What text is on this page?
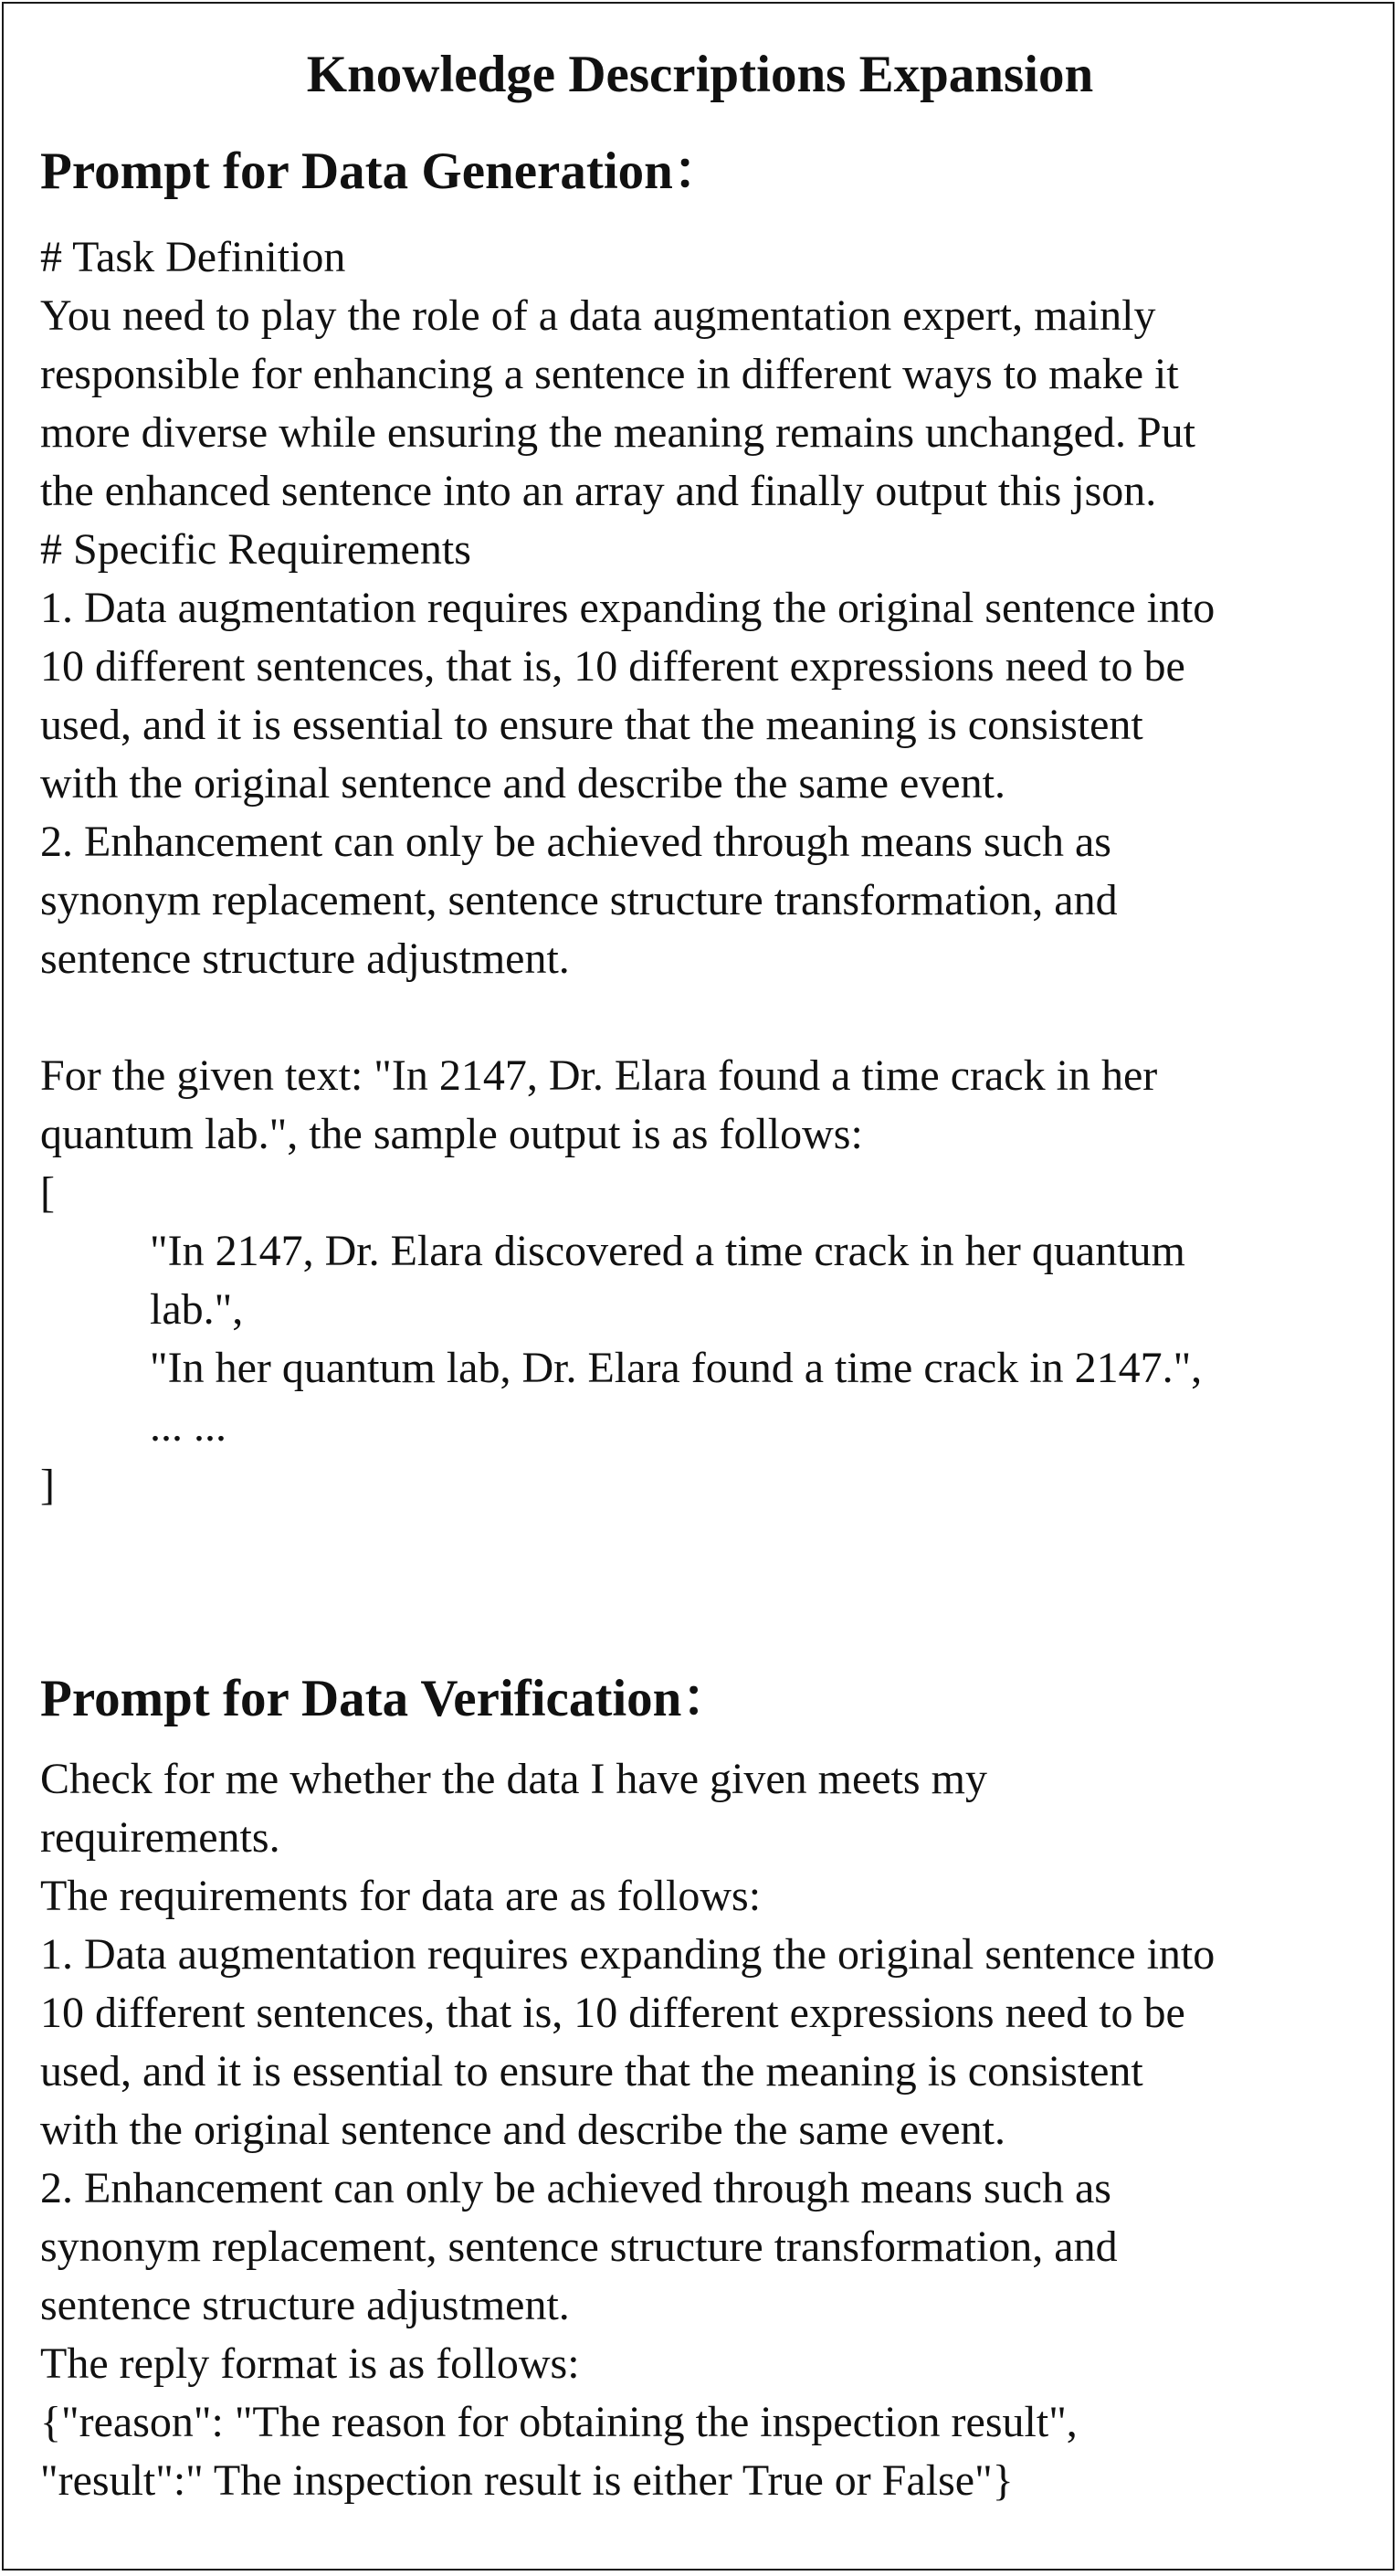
Knowledge Descriptions Expansion
Prompt for Data Generation：
# Task Definition
You need to play the role of a data augmentation expert, mainly
responsible for enhancing a sentence in different ways to make it
more diverse while ensuring the meaning remains unchanged. Put
the enhanced sentence into an array and finally output this json.
# Specific Requirements
1. Data augmentation requires expanding the original sentence into
10 different sentences, that is, 10 different expressions need to be
used, and it is essential to ensure that the meaning is consistent
with the original sentence and describe the same event.
2. Enhancement can only be achieved through means such as
synonym replacement, sentence structure transformation, and
sentence structure adjustment.
For the given text: "In 2147, Dr. Elara found a time crack in her
quantum lab.", the sample output is as follows:
[
"In 2147, Dr. Elara discovered a time crack in her quantum
lab.",
"In her quantum lab, Dr. Elara found a time crack in 2147.",
... ...
]
Prompt for Data Verification：
Check for me whether the data I have given meets my
requirements.
The requirements for data are as follows:
1. Data augmentation requires expanding the original sentence into
10 different sentences, that is, 10 different expressions need to be
used, and it is essential to ensure that the meaning is consistent
with the original sentence and describe the same event.
2. Enhancement can only be achieved through means such as
synonym replacement, sentence structure transformation, and
sentence structure adjustment.
The reply format is as follows:
{"reason": "The reason for obtaining the inspection result",
"result":" The inspection result is either True or False"}
